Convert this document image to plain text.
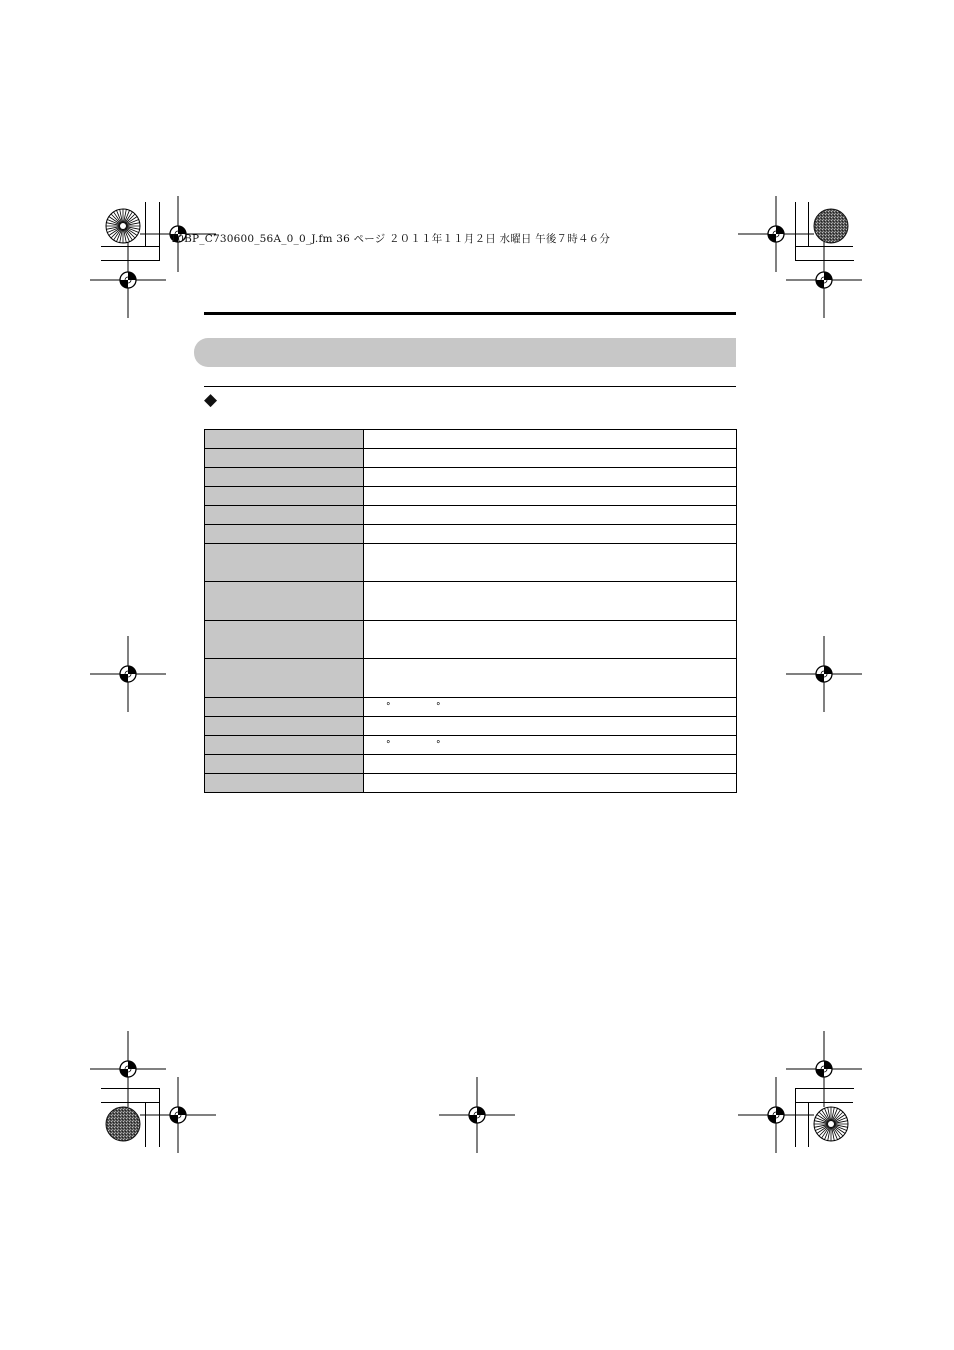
T0BP_C730600_56A_0_0_J.fm 36 ページ ２０１１年１１月２日 水曜日 午後７時４６分
◆

	° °

	° °
